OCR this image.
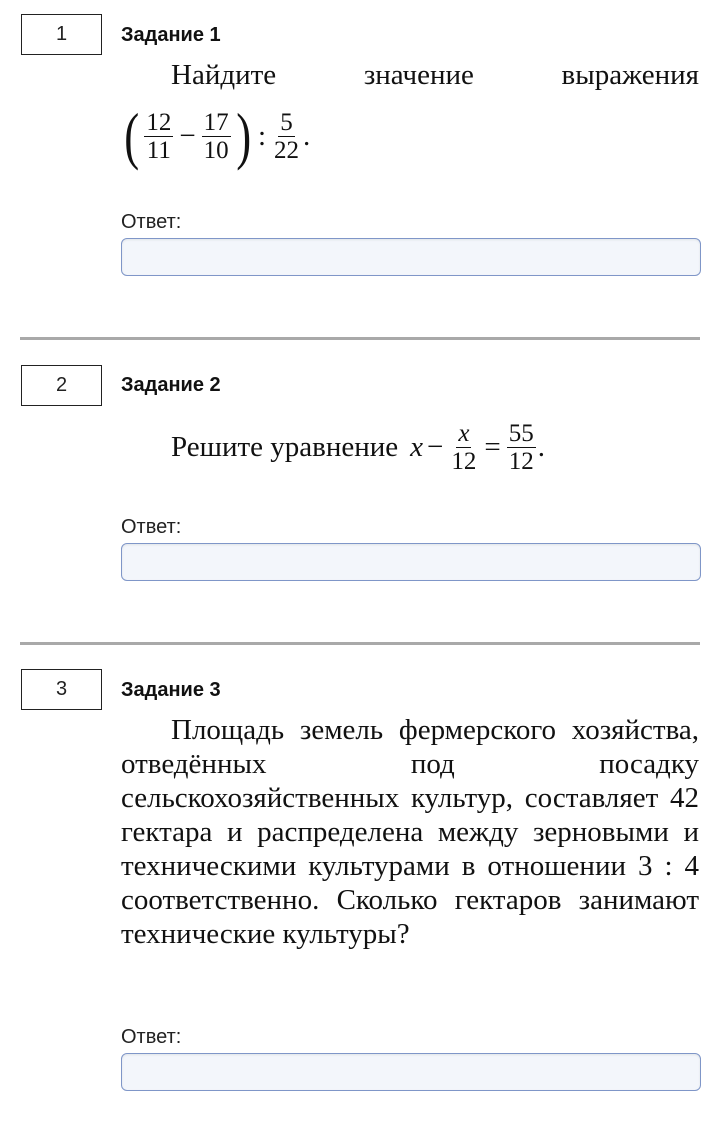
1	Задание 1
Найдите	значение	выражения
( $\frac{12}{11} - \frac{17}{10}$ ) : $\frac{5}{22}$ .
Ответ:
2	Задание 2
Решите уравнение $x - \frac{x}{12} = \frac{55}{12}$ .
Ответ:
3	Задание 3
Площадь земель фермерского хозяйства, отведённых под посадку сельскохозяйственных культур, составляет 42 гектара и распределена между зерновыми и техническими культурами в отношении 3 : 4 соответственно. Сколько гектаров занимают технические культуры?
Ответ:
